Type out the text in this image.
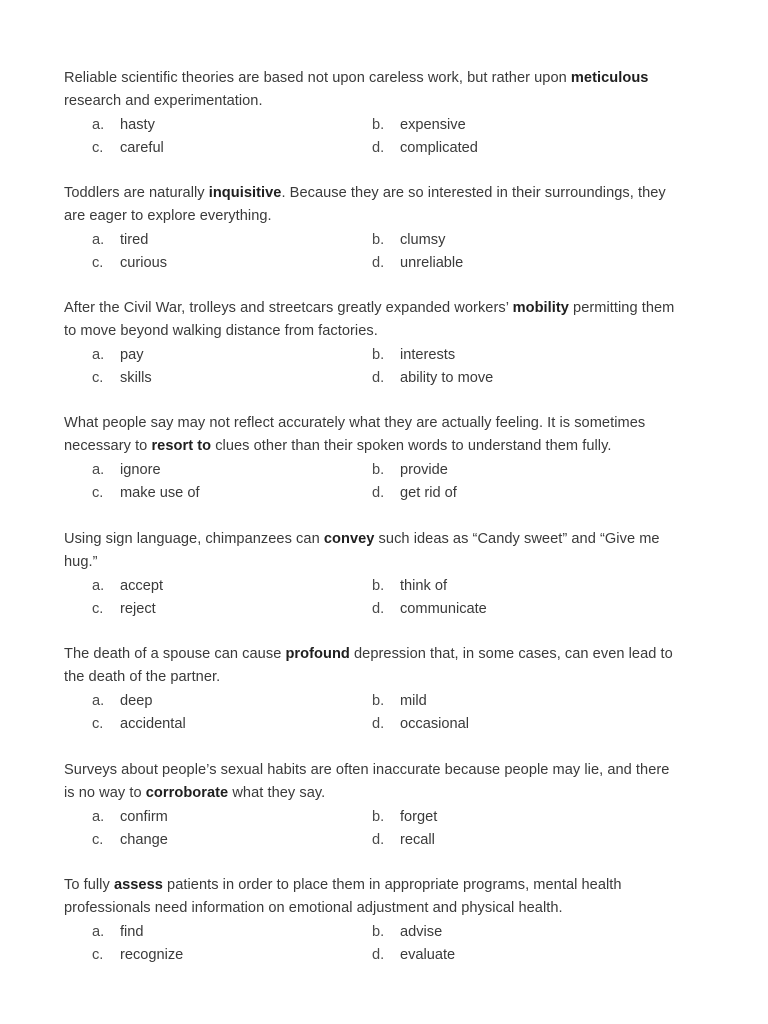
Reliable scientific theories are based not upon careless work, but rather upon meticulous research and experimentation.

a. hasty	b. expensive
c. careful	d. complicated

Toddlers are naturally inquisitive. Because they are so interested in their surroundings, they are eager to explore everything.

a. tired	b. clumsy
c. curious	d. unreliable

After the Civil War, trolleys and streetcars greatly expanded workers’ mobility permitting them to move beyond walking distance from factories.

a. pay	b. interests
c. skills	d. ability to move

What people say may not reflect accurately what they are actually feeling. It is sometimes necessary to resort to clues other than their spoken words to understand them fully.

a. ignore	b. provide
c. make use of	d. get rid of

Using sign language, chimpanzees can convey such ideas as “Candy sweet” and “Give me hug.”

a. accept	b. think of
c. reject	d. communicate

The death of a spouse can cause profound depression that, in some cases, can even lead to the death of the partner.

a. deep	b. mild
c. accidental	d. occasional

Surveys about people’s sexual habits are often inaccurate because people may lie, and there is no way to corroborate what they say.

a. confirm	b. forget
c. change	d. recall

To fully assess patients in order to place them in appropriate programs, mental health professionals need information on emotional adjustment and physical health.

a. find	b. advise
c. recognize	d. evaluate
